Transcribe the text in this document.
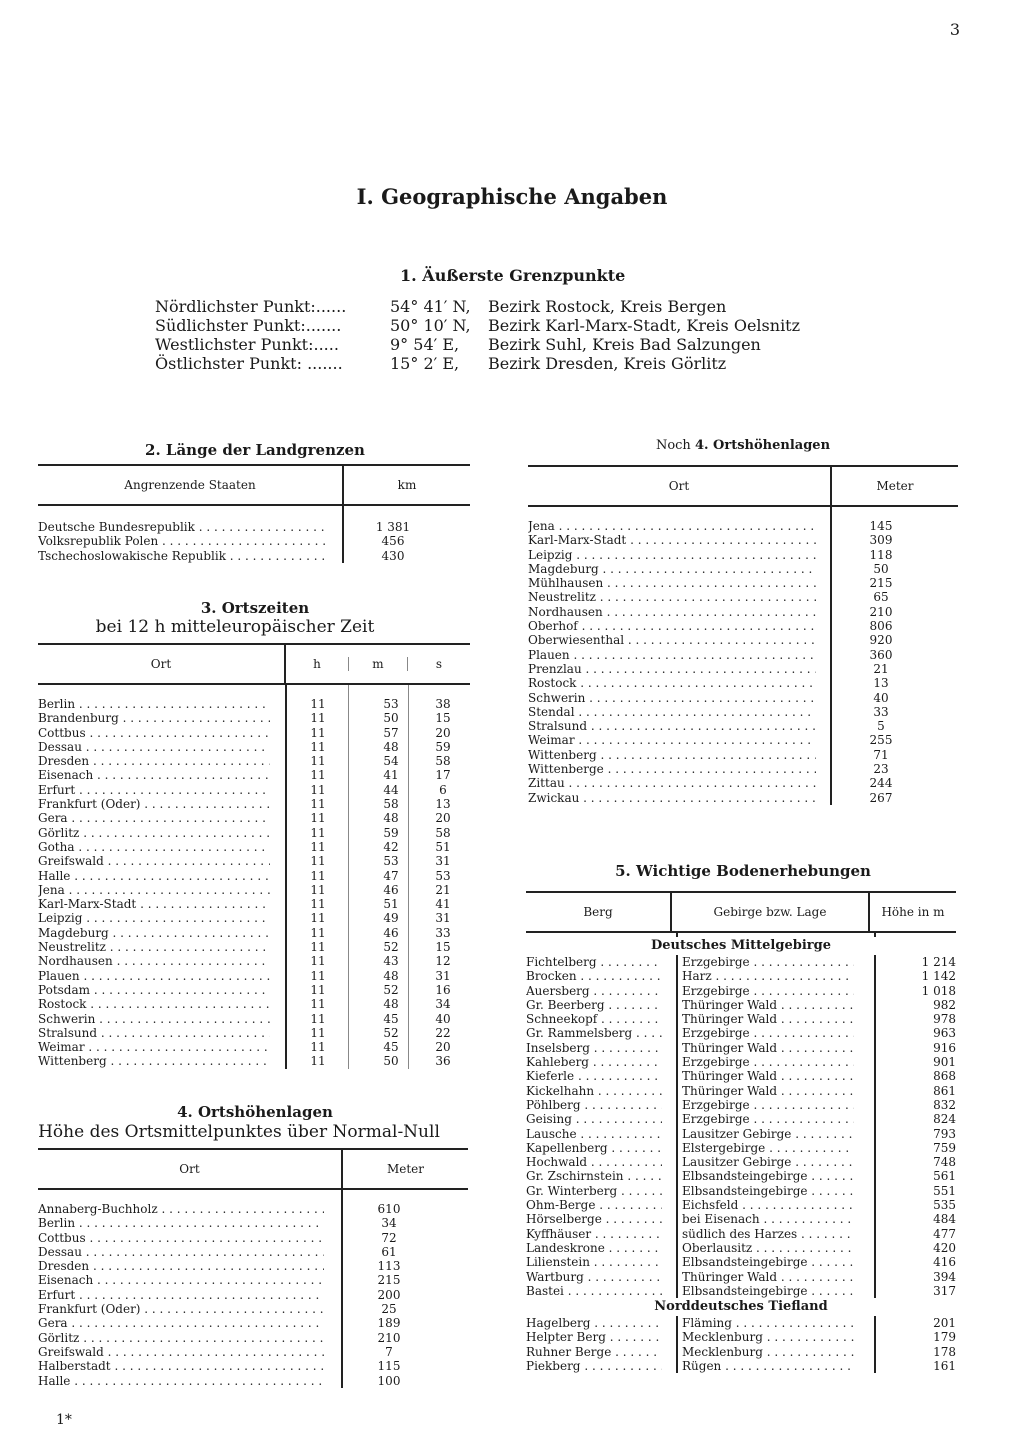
3
1*
I. Geographische Angaben
1. Äußerste Grenzpunkte
Nördlichster Punkt:......	54° 41′ N,	Bezirk Rostock, Kreis Bergen
Südlichster Punkt:.......	50° 10′ N,	Bezirk Karl-Marx-Stadt, Kreis Oelsnitz
Westlichster Punkt:.....	9° 54′ E,	Bezirk Suhl, Kreis Bad Salzungen
Östlichster Punkt: .......	15° 2′ E,	Bezirk Dresden, Kreis Görlitz
2. Länge der Landgrenzen
Angrenzende Staaten	km
Deutsche Bundesrepublik . . .	1 381
Volksrepublik Polen . . .	456
Tschechoslowakische Republik . . .	430
3. Ortszeiten
bei 12 h mitteleuropäischer Zeit
Ort	h	m	s
Berlin . . .	11	53	38
Brandenburg . . .	11	50	15
Cottbus . . .	11	57	20
Dessau . . .	11	48	59
Dresden . . .	11	54	58
Eisenach . . .	11	41	17
Erfurt . . .	11	44	6
Frankfurt (Oder) . . .	11	58	13
Gera . . .	11	48	20
Görlitz . . .	11	59	58
Gotha . . .	11	42	51
Greifswald . . .	11	53	31
Halle . . .	11	47	53
Jena . . .	11	46	21
Karl-Marx-Stadt . . .	11	51	41
Leipzig . . .	11	49	31
Magdeburg . . .	11	46	33
Neustrelitz . . .	11	52	15
Nordhausen . . .	11	43	12
Plauen . . .	11	48	31
Potsdam . . .	11	52	16
Rostock . . .	11	48	34
Schwerin . . .	11	45	40
Stralsund . . .	11	52	22
Weimar . . .	11	45	20
Wittenberg . . .	11	50	36
4. Ortshöhenlagen
Höhe des Ortsmittelpunktes über Normal-Null
Ort	Meter
Annaberg-Buchholz . . .	610
Berlin . . .	34
Cottbus . . .	72
Dessau . . .	61
Dresden . . .	113
Eisenach . . .	215
Erfurt . . .	200
Frankfurt (Oder) . . .	25
Gera . . .	189
Görlitz . . .	210
Greifswald . . .	7
Halberstadt . . .	115
Halle . . .	100
Noch 4. Ortshöhenlagen
Ort	Meter
Jena . . .	145
Karl-Marx-Stadt . . .	309
Leipzig . . .	118
Magdeburg . . .	50
Mühlhausen . . .	215
Neustrelitz . . .	65
Nordhausen . . .	210
Oberhof . . .	806
Oberwiesenthal . . .	920
Plauen . . .	360
Prenzlau . . .	21
Rostock . . .	13
Schwerin . . .	40
Stendal . . .	33
Stralsund . . .	5
Weimar . . .	255
Wittenberg . . .	71
Wittenberge . . .	23
Zittau . . .	244
Zwickau . . .	267
5. Wichtige Bodenerhebungen
Berg	Gebirge bzw. Lage	Höhe in m
Deutsches Mittelgebirge
Fichtelberg . . .	Erzgebirge . . .	1 214
Brocken . . .	Harz . . .	1 142
Auersberg . . .	Erzgebirge . . .	1 018
Gr. Beerberg . . .	Thüringer Wald . . .	982
Schneekopf . . .	Thüringer Wald . . .	978
Gr. Rammelsberg . . .	Erzgebirge . . .	963
Inselsberg . . .	Thüringer Wald . . .	916
Kahleberg . . .	Erzgebirge . . .	901
Kieferle . . .	Thüringer Wald . . .	868
Kickelhahn . . .	Thüringer Wald . . .	861
Pöhlberg . . .	Erzgebirge . . .	832
Geising . . .	Erzgebirge . . .	824
Lausche . . .	Lausitzer Gebirge . . .	793
Kapellenberg . . .	Elstergebirge . . .	759
Hochwald . . .	Lausitzer Gebirge . . .	748
Gr. Zschirnstein . . .	Elbsandsteingebirge . . .	561
Gr. Winterberg . . .	Elbsandsteingebirge . . .	551
Ohm-Berge . . .	Eichsfeld . . .	535
Hörselberge . . .	bei Eisenach . . .	484
Kyffhäuser . . .	südlich des Harzes . . .	477
Landeskrone . . .	Oberlausitz . . .	420
Lilienstein . . .	Elbsandsteingebirge . . .	416
Wartburg . . .	Thüringer Wald . . .	394
Bastei . . .	Elbsandsteingebirge . . .	317
Norddeutsches Tiefland
Hagelberg . . .	Fläming . . .	201
Helpter Berg . . .	Mecklenburg . . .	179
Ruhner Berge . . .	Mecklenburg . . .	178
Piekberg . . .	Rügen . . .	161
